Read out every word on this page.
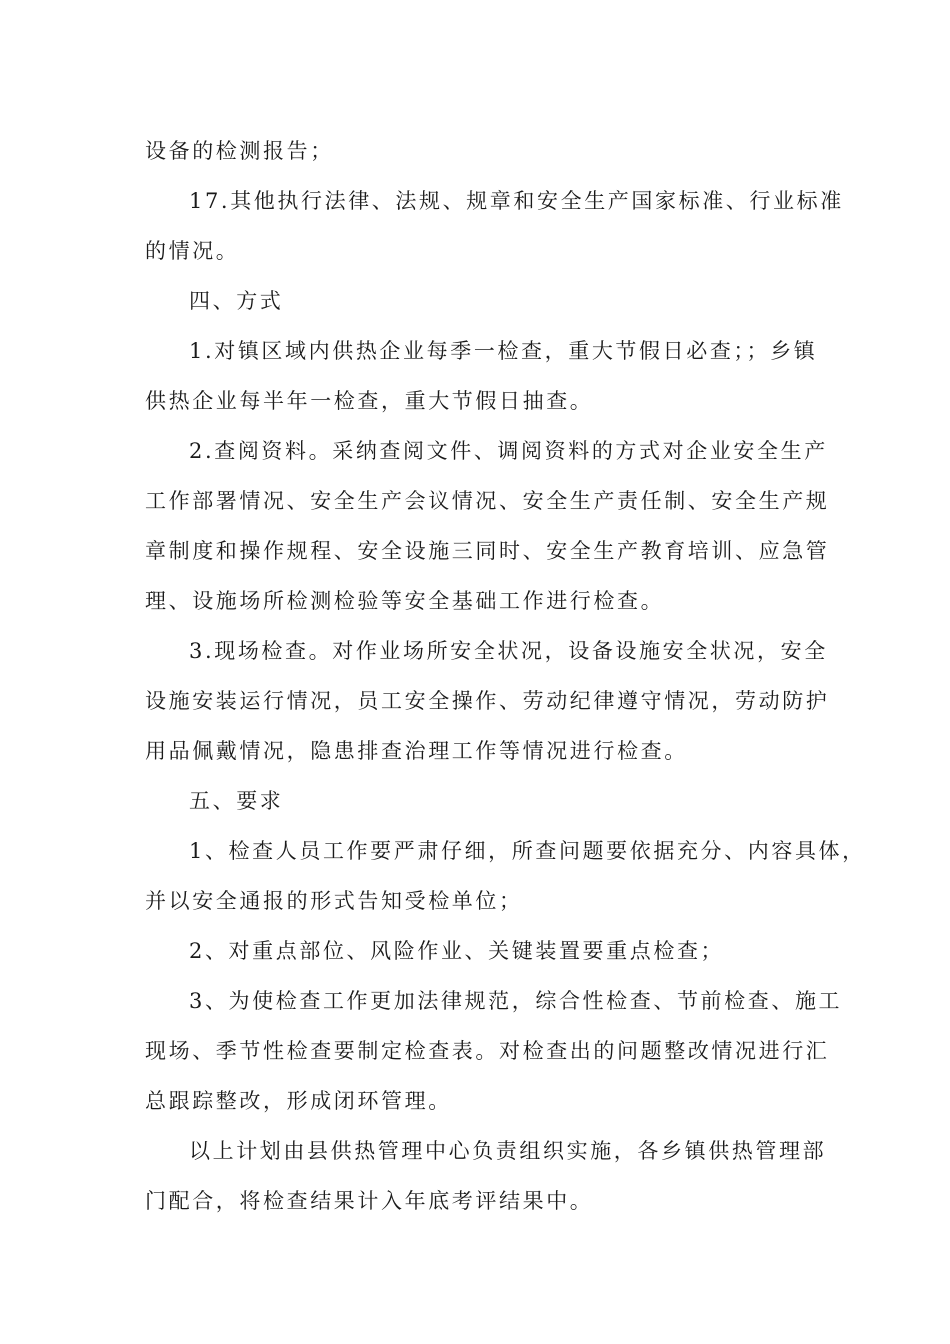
设备的检测报告；
17.其他执行法律、法规、规章和安全生产国家标准、行业标准
的情况。
四、方式
1.对镇区域内供热企业每季一检查，重大节假日必查；；乡镇
供热企业每半年一检查，重大节假日抽查。
2.查阅资料。采纳查阅文件、调阅资料的方式对企业安全生产
工作部署情况、安全生产会议情况、安全生产责任制、安全生产规
章制度和操作规程、安全设施三同时、安全生产教育培训、应急管
理、设施场所检测检验等安全基础工作进行检查。
3.现场检查。对作业场所安全状况，设备设施安全状况，安全
设施安装运行情况，员工安全操作、劳动纪律遵守情况，劳动防护
用品佩戴情况，隐患排查治理工作等情况进行检查。
五、要求
1、检查人员工作要严肃仔细，所查问题要依据充分、内容具体，
并以安全通报的形式告知受检单位；
2、对重点部位、风险作业、关键装置要重点检查；
3、为使检查工作更加法律规范，综合性检查、节前检查、施工
现场、季节性检查要制定检查表。对检查出的问题整改情况进行汇
总跟踪整改，形成闭环管理。
以上计划由县供热管理中心负责组织实施，各乡镇供热管理部
门配合，将检查结果计入年底考评结果中。
